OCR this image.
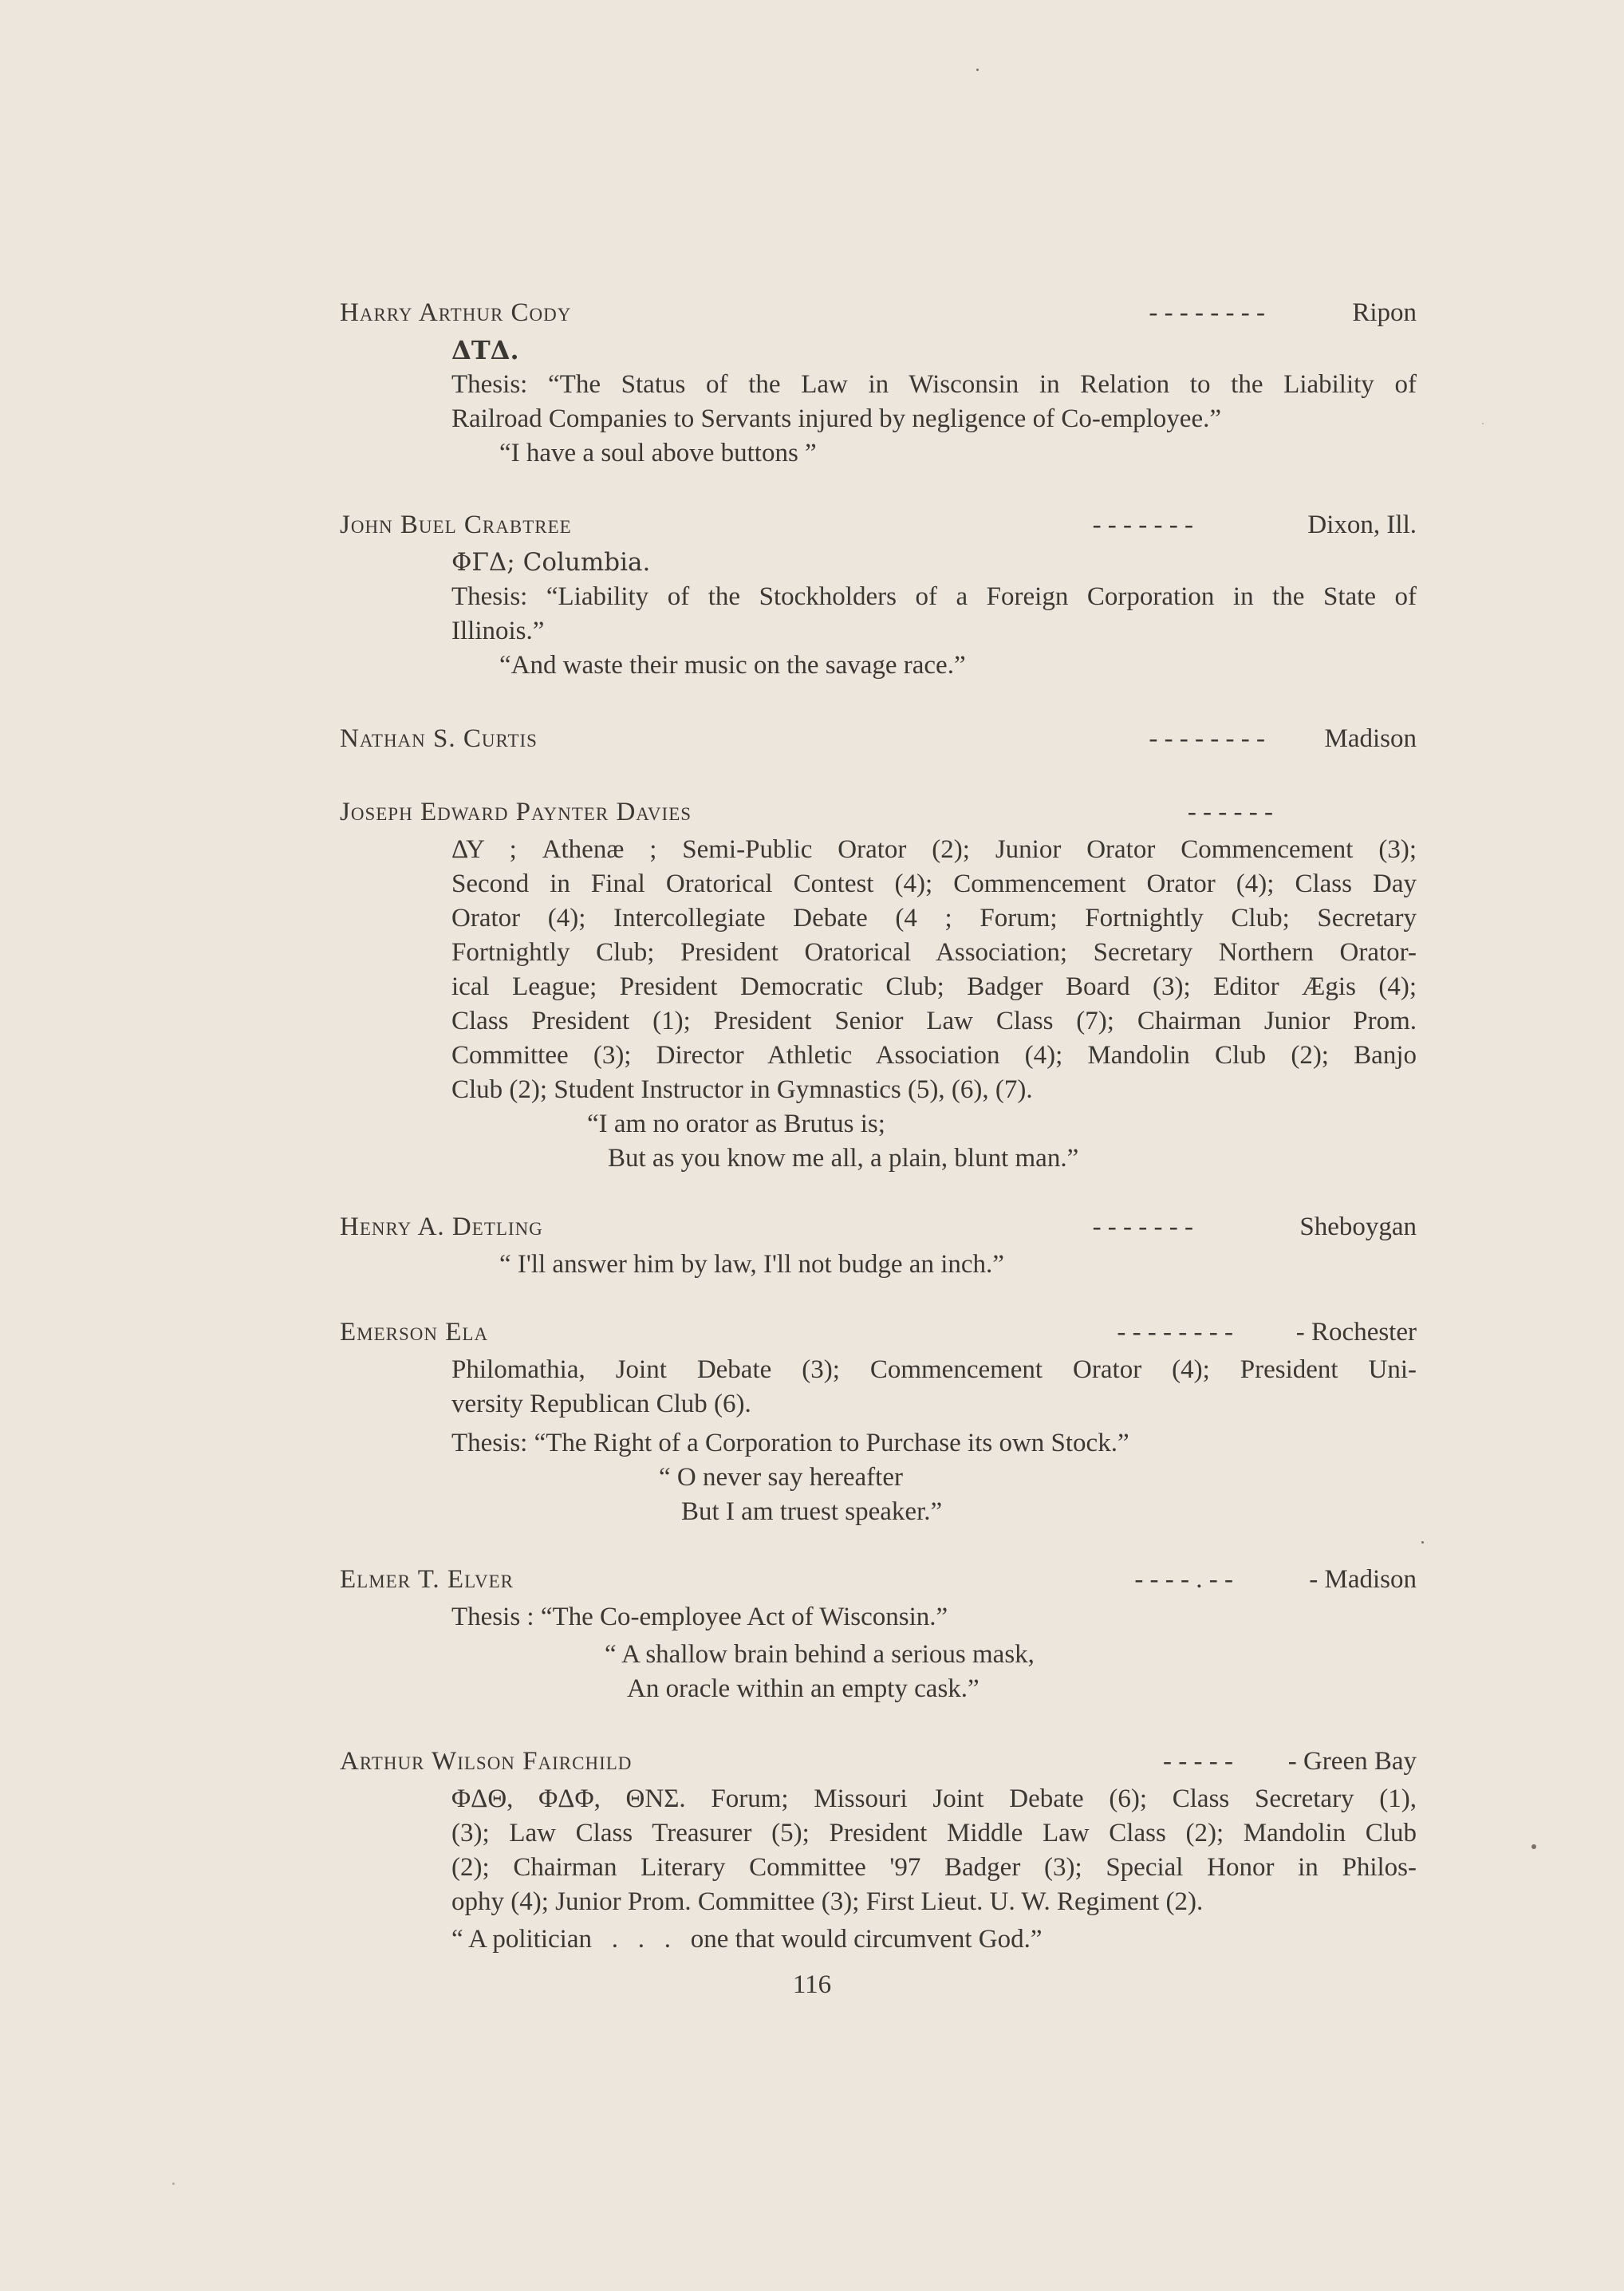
Harry Arthur Cody	- - - - - - - -	Ripon
ΔΤΔ.
Thesis: “The Status of the Law in Wisconsin in Relation to the Liability of
Railroad Companies to Servants injured by negligence of Co-employee.”
“I have a soul above buttons ”
John Buel Crabtree	- - - - - - -	Dixon, Ill.
ΦΓΔ; Columbia.
Thesis: “Liability of the Stockholders of a Foreign Corporation in the State of
Illinois.”
“And waste their music on the savage race.”
Nathan S. Curtis	- - - - - - - - Madison
Joseph Edward Paynter Davies	- - - - - -
ΔΥ ; Athenæ ; Semi-Public Orator (2); Junior Orator Commencement (3);
Second in Final Oratorical Contest (4); Commencement Orator (4); Class Day
Orator (4); Intercollegiate Debate (4 ; Forum; Fortnightly Club; Secretary
Fortnightly Club; President Oratorical Association; Secretary Northern Orator-
ical League; President Democratic Club; Badger Board (3); Editor Ægis (4);
Class President (1); President Senior Law Class (7); Chairman Junior Prom.
Committee (3); Director Athletic Association (4); Mandolin Club (2); Banjo
Club (2); Student Instructor in Gymnastics (5), (6), (7).
“I am no orator as Brutus is;
But as you know me all, a plain, blunt man.”
Henry A. Detling	- - - - - - -	Sheboygan
“ I'll answer him by law, I'll not budge an inch.”
Emerson Ela	- - - - - - - - - Rochester
Philomathia, Joint Debate (3); Commencement Orator (4); President Uni-
versity Republican Club (6).
Thesis: “The Right of a Corporation to Purchase its own Stock.”
“ O never say hereafter
But I am truest speaker.”
Elmer T. Elver	- - - - . - -	- Madison
Thesis : “The Co-employee Act of Wisconsin.”
“ A shallow brain behind a serious mask,
An oracle within an empty cask.”
Arthur Wilson Fairchild	- - - - - - Green Bay
ΦΔΘ, ΦΔΦ, ΘΝΣ. Forum; Missouri Joint Debate (6); Class Secretary (1),
(3); Law Class Treasurer (5); President Middle Law Class (2); Mandolin Club
(2); Chairman Literary Committee '97 Badger (3); Special Honor in Philos-
ophy (4); Junior Prom. Committee (3); First Lieut. U. W. Regiment (2).
“ A politician   .   .   .   one that would circumvent God.”
116
